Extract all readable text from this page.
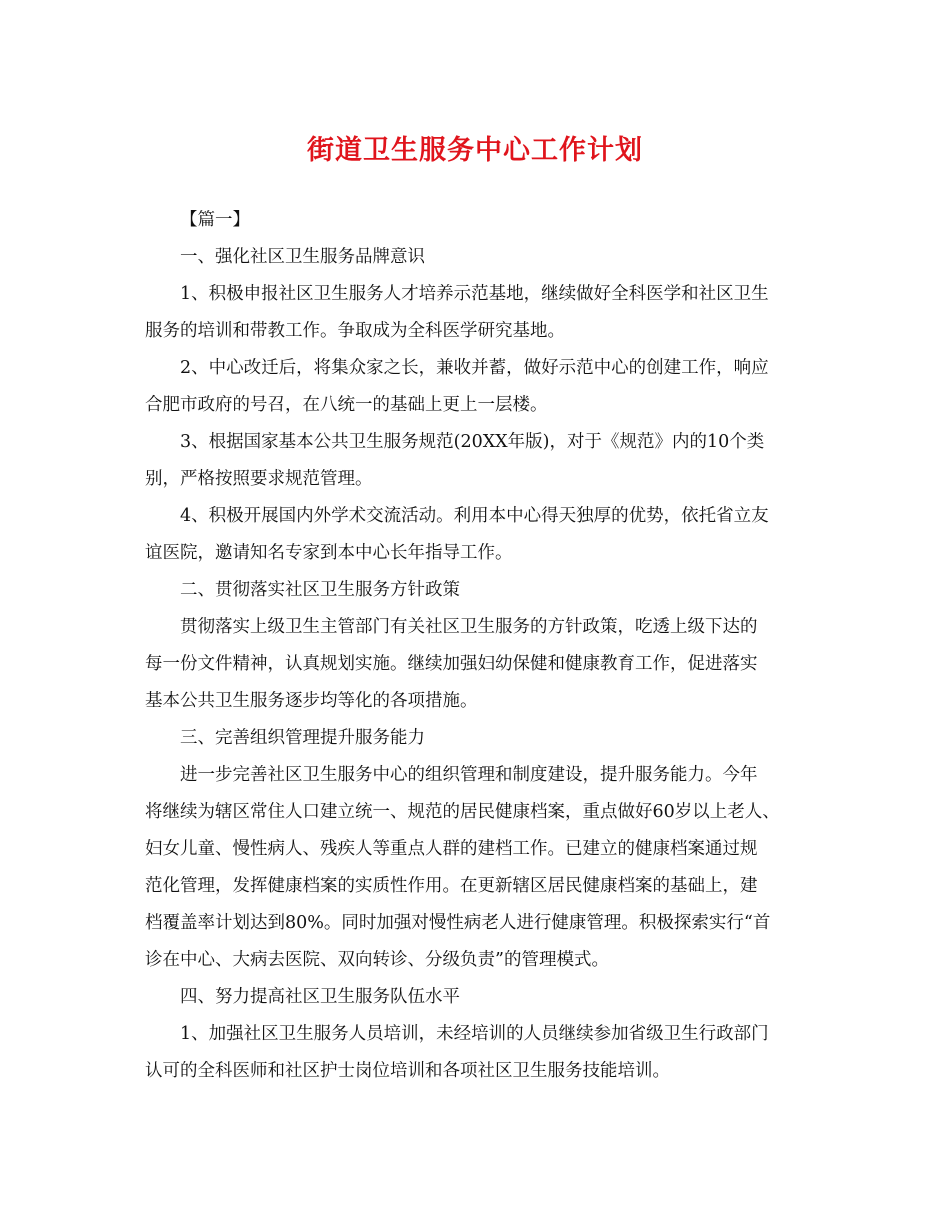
街道卫生服务中心工作计划
【篇一】
一、强化社区卫生服务品牌意识
1、积极申报社区卫生服务人才培养示范基地，继续做好全科医学和社区卫生
服务的培训和带教工作。争取成为全科医学研究基地。
2、中心改迁后，将集众家之长，兼收并蓄，做好示范中心的创建工作，响应
合肥市政府的号召，在八统一的基础上更上一层楼。
3、根据国家基本公共卫生服务规范(20XX年版)，对于《规范》内的10个类
别，严格按照要求规范管理。
4、积极开展国内外学术交流活动。利用本中心得天独厚的优势，依托省立友
谊医院，邀请知名专家到本中心长年指导工作。
二、贯彻落实社区卫生服务方针政策
贯彻落实上级卫生主管部门有关社区卫生服务的方针政策，吃透上级下达的
每一份文件精神，认真规划实施。继续加强妇幼保健和健康教育工作，促进落实
基本公共卫生服务逐步均等化的各项措施。
三、完善组织管理提升服务能力
进一步完善社区卫生服务中心的组织管理和制度建设，提升服务能力。今年
将继续为辖区常住人口建立统一、规范的居民健康档案，重点做好60岁以上老人、
妇女儿童、慢性病人、残疾人等重点人群的建档工作。已建立的健康档案通过规
范化管理，发挥健康档案的实质性作用。在更新辖区居民健康档案的基础上，建
档覆盖率计划达到80%。同时加强对慢性病老人进行健康管理。积极探索实行“首
诊在中心、大病去医院、双向转诊、分级负责”的管理模式。
四、努力提高社区卫生服务队伍水平
1、加强社区卫生服务人员培训，未经培训的人员继续参加省级卫生行政部门
认可的全科医师和社区护士岗位培训和各项社区卫生服务技能培训。
